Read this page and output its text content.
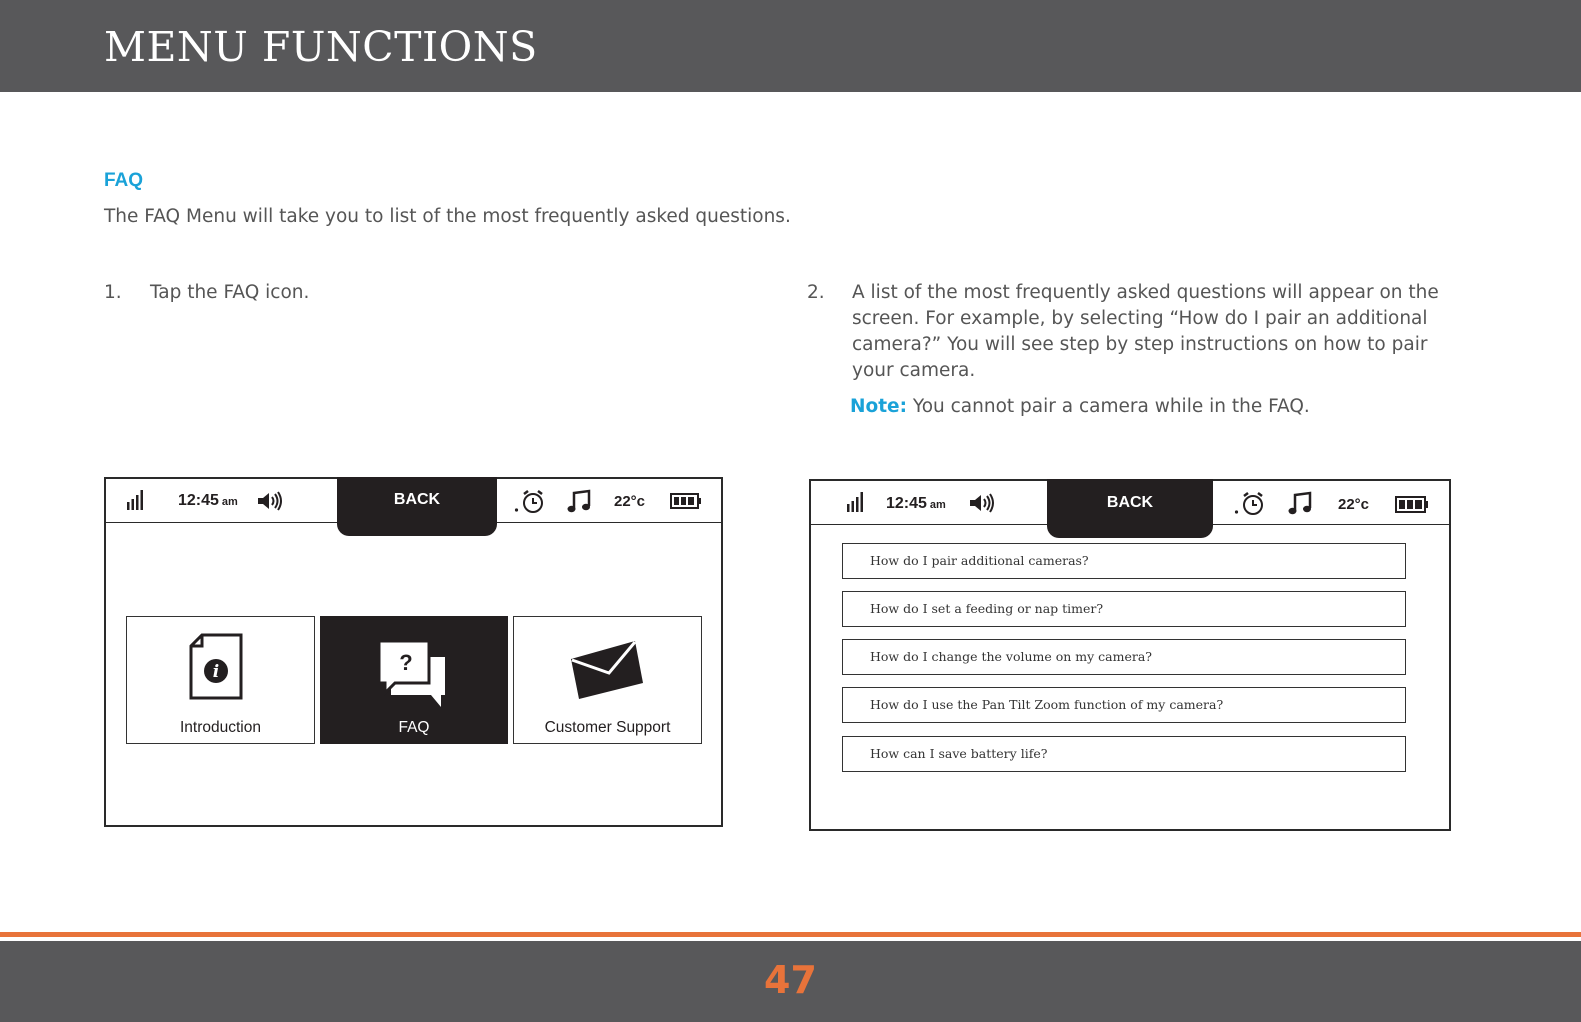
MENU FUNCTIONS
FAQ
The FAQ Menu will take you to list of the most frequently asked questions.
1. Tap the FAQ icon.	2. A list of the most frequently asked questions will appear on the
screen. For example, by selecting “How do I pair an additional
camera?” You will see step by step instructions on how to pair
your camera.
Note: You cannot pair a camera while in the FAQ.
12:45 am	BACK	22°c
i
Introduction
?
FAQ	Customer Support
12:45 am	BACK	22°c
How do I pair additional cameras?
How do I set a feeding or nap timer?
How do I change the volume on my camera?
How do I use the Pan Tilt Zoom function of my camera?
How can I save battery life?
47
